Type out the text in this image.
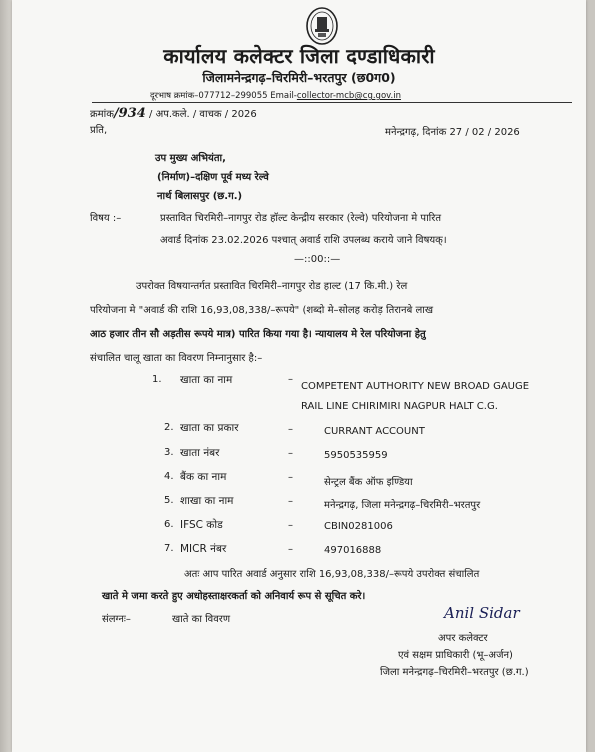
कार्यालय कलेक्टर जिला दण्डाधिकारी
जिलामनेन्द्रगढ़–चिरमिरी–भरतपुर (छ0ग0)
दूरभाष क्रमांक–077712–299055 Email-collector-mcb@cg.gov.in
क्रमांक/934 / अप.कले. / वाचक / 2026
प्रति,	मनेन्द्रगढ़, दिनांक 27 / 02 / 2026
उप मुख्य अभियंता,
(निर्माण)–दक्षिण पूर्व मध्य रेल्वे
नार्थ बिलासपुर (छ.ग.)
विषय :–	प्रस्तावित चिरमिरी–नागपुर रोड हॉल्ट केन्द्रीय सरकार (रेल्वे) परियोजना मे पारित
अवार्ड दिनांक 23.02.2026 पश्चात् अवार्ड राशि उपलब्ध कराये जाने विषयक्।
—::00::—
उपरोक्त विषयान्तर्गत प्रस्तावित चिरमिरी–नागपुर रोड हाल्ट (17 कि.मी.) रेल
परियोजना मे "अवार्ड की राशि 16,93,08,338/–रूपये" (शब्दो मे–सोलह करोड़ तिरानबे लाख
आठ हजार तीन सौ अड़तीस रूपये मात्र) पारित किया गया है। न्यायालय मे रेल परियोजना हेतु
संचालित चालू खाता का विवरण निम्नानुसार है:–
1. खाता का नाम	–
COMPETENT AUTHORITY NEW BROAD GAUGE
RAIL LINE CHIRIMIRI NAGPUR HALT C.G.
2. खाता का प्रकार	–	CURRANT ACCOUNT
3. खाता नंबर	–	5950535959
4. बैंक का नाम	–	सेन्ट्रल बैंक ऑफ इण्डिया
5. शाखा का नाम	–	मनेन्द्रगढ़, जिला मनेन्द्रगढ़–चिरमिरी–भरतपुर
6. IFSC कोड	–	CBIN0281006
7. MICR नंबर	–	497016888
अतः आप पारित अवार्ड अनुसार राशि 16,93,08,338/–रूपये उपरोक्त संचालित
खाते मे जमा करते हुए अधोहस्ताक्षरकर्ता को अनिवार्य रूप से सूचित करे।
संलग्नः–	खाते का विवरण	Anil Sidar
अपर कलेक्टर
एवं सक्षम प्राधिकारी (भू–अर्जन)
जिला मनेन्द्रगढ़–चिरमिरी–भरतपुर (छ.ग.)
